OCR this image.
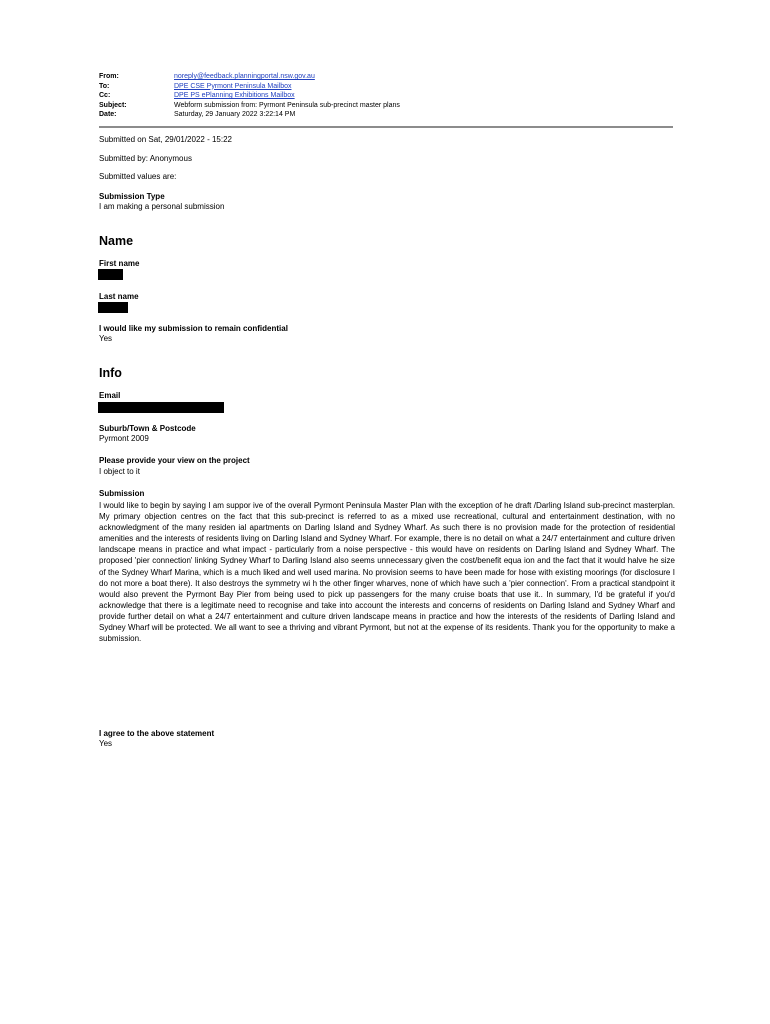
From:	noreply@feedback.planningportal.nsw.gov.au
To:	DPE CSE Pyrmont Peninsula Mailbox
Cc:	DPE PS ePlanning Exhibitions Mailbox
Subject:	Webform submission from: Pyrmont Peninsula sub-precinct master plans
Date:	Saturday, 29 January 2022 3:22:14 PM
Submitted on Sat, 29/01/2022 - 15:22
Submitted by: Anonymous
Submitted values are:
Submission Type
I am making a personal submission
Name
First name
Last name
I would like my submission to remain confidential
Yes
Info
Email
Suburb/Town & Postcode
Pyrmont 2009
Please provide your view on the project
I object to it
Submission
I would like to begin by saying I am suppor ive of the overall Pyrmont Peninsula Master Plan with the exception of he draft /Darling Island sub-precinct masterplan. My primary objection centres on the fact that this sub-precinct is referred to as a mixed use recreational, cultural and entertainment destination, with no acknowledgment of the many residen ial apartments on Darling Island and Sydney Wharf. As such there is no provision made for the protection of residential amenities and the interests of residents living on Darling Island and Sydney Wharf. For example, there is no detail on what a 24/7 entertainment and culture driven landscape means in practice and what impact - particularly from a noise perspective - this would have on residents on Darling Island and Sydney Wharf. The proposed 'pier connection' linking Sydney Wharf to Darling Island also seems unnecessary given the cost/benefit equa ion and the fact that it would halve he size of the Sydney Wharf Marina, which is a much liked and well used marina. No provision seems to have been made for hose with existing moorings (for disclosure I do not more a boat there). It also destroys the symmetry wi h the other finger wharves, none of which have such a 'pier connection'. From a practical standpoint it would also prevent the Pyrmont Bay Pier from being used to pick up passengers for the many cruise boats that use it.. In summary, I'd be grateful if you'd acknowledge that there is a legitimate need to recognise and take into account the interests and concerns of residents on Darling Island and Sydney Wharf and provide further detail on what a 24/7 entertainment and culture driven landscape means in practice and how the interests of the residents of Darling Island and Sydney Wharf will be protected. We all want to see a thriving and vibrant Pyrmont, but not at the expense of its residents. Thank you for the opportunity to make a submission.
I agree to the above statement
Yes
